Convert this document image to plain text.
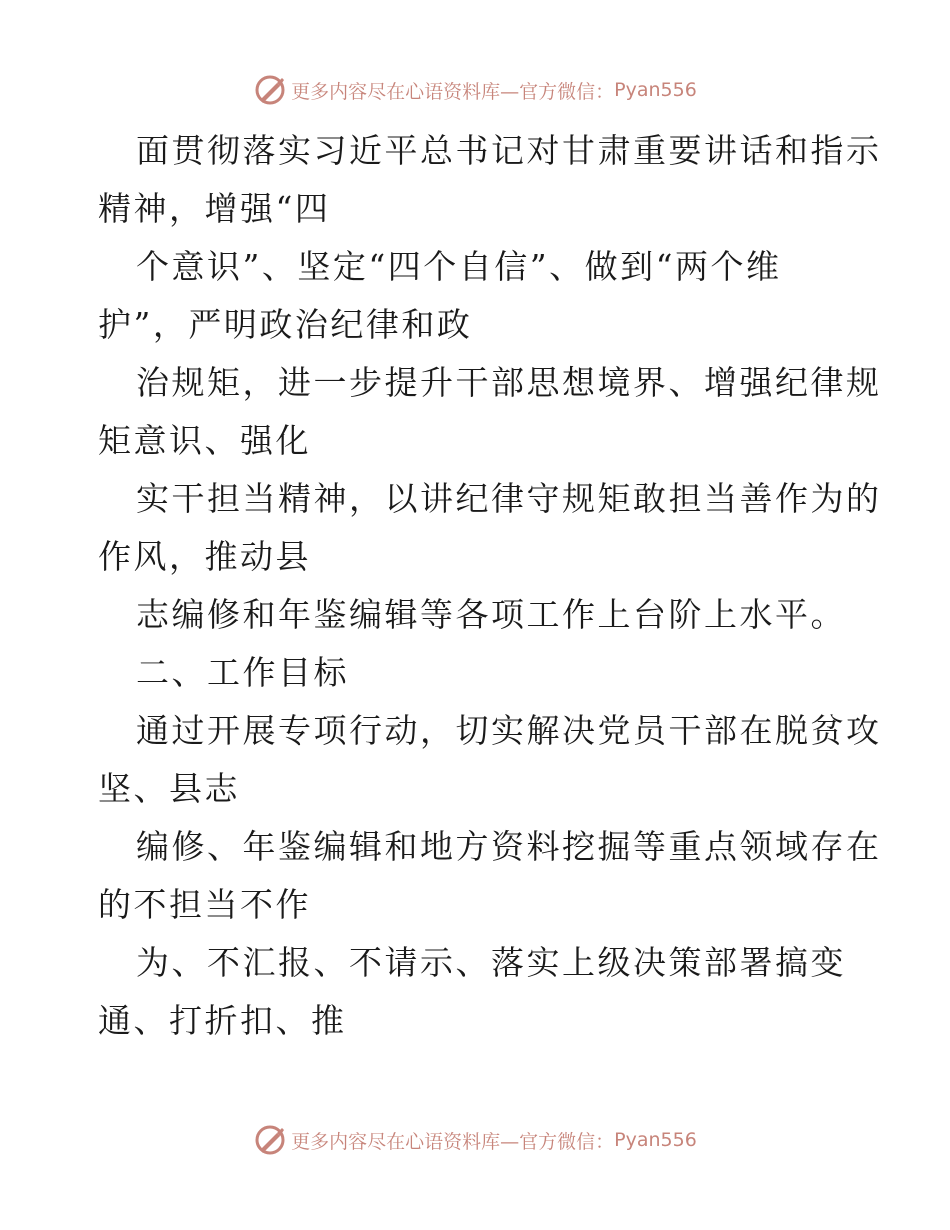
更多内容尽在心语资料库—官方微信： Pyan556
面贯彻落实习近平总书记对甘肃重要讲话和指示
精神，增强“四
个意识”、坚定“四个自信”、做到“两个维
护”，严明政治纪律和政
治规矩，进一步提升干部思想境界、增强纪律规
矩意识、强化
实干担当精神，以讲纪律守规矩敢担当善作为的
作风，推动县
志编修和年鉴编辑等各项工作上台阶上水平。
二、工作目标
通过开展专项行动，切实解决党员干部在脱贫攻
坚、县志
编修、年鉴编辑和地方资料挖掘等重点领域存在
的不担当不作
为、不汇报、不请示、落实上级决策部署搞变
通、打折扣、推
更多内容尽在心语资料库—官方微信： Pyan556
